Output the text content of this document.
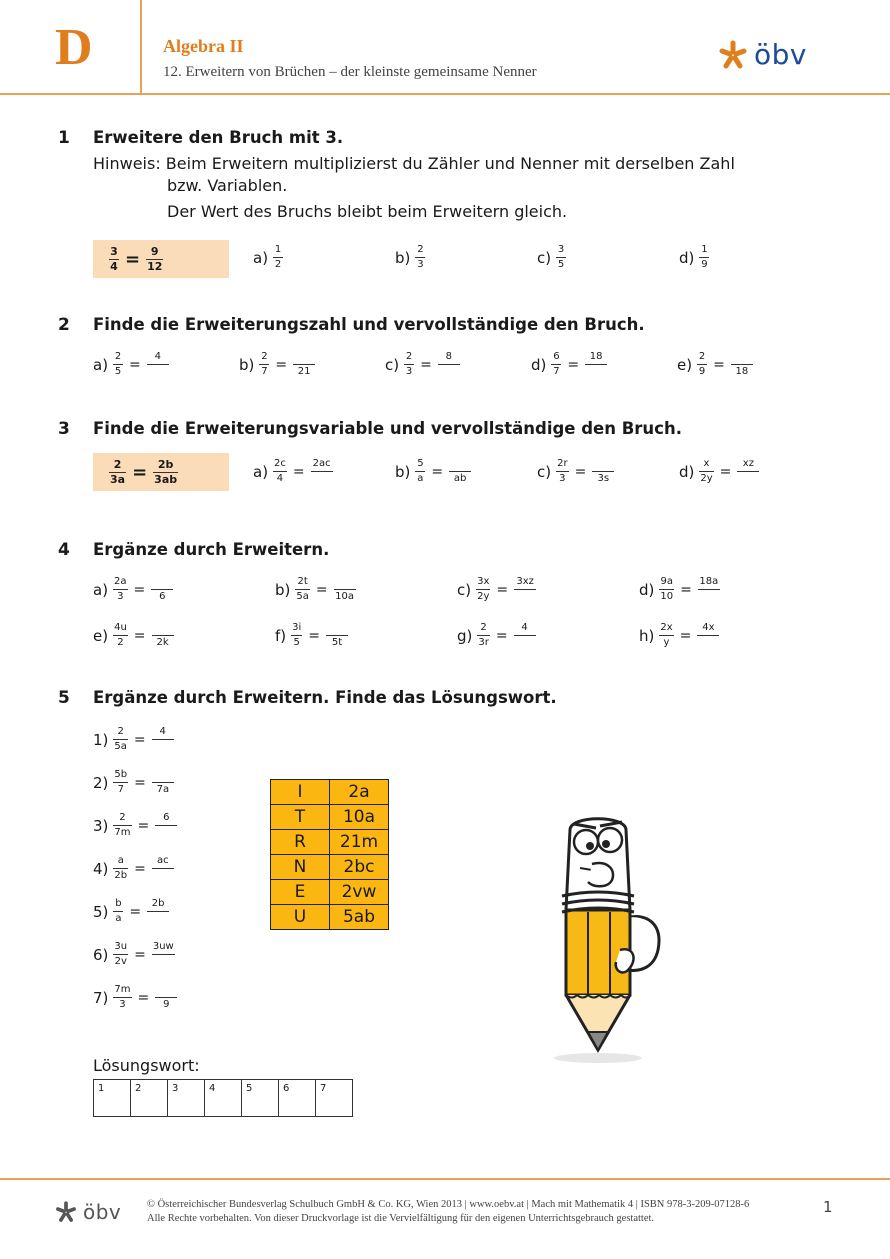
D	Algebra II
12. Erweitern von Brüchen – der kleinste gemeinsame Nenner
öbv
1 Erweitere den Bruch mit 3.
Hinweis: Beim Erweitern multiplizierst du Zähler und Nenner mit derselben Zahl
bzw. Variablen.
Der Wert des Bruchs bleibt beim Erweitern gleich.
$\frac{3}{4} = \frac{9}{12}$	$a) \frac{1}{2}$	$b) \frac{2}{3}$	$c) \frac{3}{5}$	$d) \frac{1}{9}$
2 Finde die Erweiterungszahl und vervollständige den Bruch.
$a) \frac{2}{5} = 4$	$b) \frac{2}{7} = 21$	$c) \frac{2}{3} = 8$	$d) \frac{6}{7} = 18$	$e) \frac{2}{9} = 18$
3 Finde die Erweiterungsvariable und vervollständige den Bruch.
$\frac{2}{3a} = \frac{2b}{3ab}$	$a) \frac{2c}{4} = 2ac$	$b) \frac{5}{a}$ = ab	$c) \frac{2r}{3} = 3s$	$d) \frac{x}{2y}$ = xz
4 Ergänze durch Erweitern.
$a) \frac{2a}{3} = 6$	$b) \frac{2t}{5a} = 10a$	$c) \frac{3x}{2y} = 3xz$	$d) \frac{9a}{10} = 18a$
$e) \frac{4u}{2} = 2k$	$f) \frac{3i}{5} = 5t$	$g) \frac{2}{3r} = 4$	$h) \frac{2x}{y} = 4x$
5 Ergänze durch Erweitern. Finde das Lösungswort.
$1) \frac{2}{5a} = 4$
$2) \frac{5b}{7} = 7a$
$3) \frac{2}{7m} = 6$
$4) \frac{a}{2b}$ = ac
$5) \frac{b}{a} = 2b$
$6) \frac{3u}{2v} = 3uw$
$7) \frac{7m}{3} = 9$
I	2a
T	10a
R	21m
N	2bc
E	2vw
U	5ab
Lösungswort:
1	2	3	4	5	6	7
öbv © Österreichischer Bundesverlag Schulbuch GmbH & Co. KG, Wien 2013 | www.oebv.at | Mach mit Mathematik 4 | ISBN 978-3-209-07128-6
Alle Rechte vorbehalten. Von dieser Druckvorlage ist die Vervielfältigung für den eigenen Unterrichtsgebrauch gestattet.
1
